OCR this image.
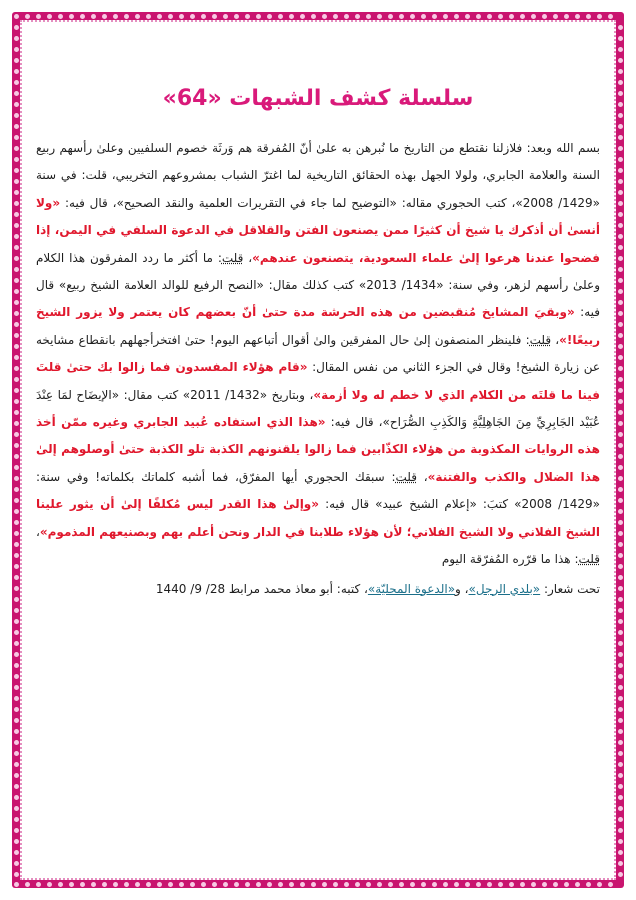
سلسلة كشف الشبهات «64»

بسم الله وبعد: فلازلنا نقتطع من التاريخ ما نُبرهن به علىٰ أنّ المُفرقة هم وَرثَة خصوم السلفيين وعلىٰ رأسهم ربيع السنة والعلامة الجابري، ولولا الجهل بهذه الحقائق التاريخية لما اغترّ الشباب بمشروعهم التخريبي، قلت: في سنة «1429/ 2008»، كتب الحجوري مقاله: «التوضيح لما جاء في التقريرات العلمية والنقد الصحيح»، قال فيه: «ولا أنسىٰ أن أذكرك يا شيخ أن كثيرًا ممن يصنعون الفتن والقلاقل في الدعوة السلفي في اليمن، إذا فضحوا عندنا هرعوا إلىٰ علماء السعودية، يتصنعون عندهم»، قلت: ما أكثر ما ردد المفرقون هذا الكلام وعلىٰ رأسهم لزهر، وفي سنة: «1434/ 2013» كتب كذلك مقال: «النصح الرفيع للوالد العلامة الشيخ ربيع» قال فيه: «وبقيَ المشايخ مُنقبضين من هذه الحرشة مدة حتىٰ أنّ بعضهم كان يعتمر ولا يزور الشيخ ربيعًا!»، قلت: فلينظر المنصفون إلىٰ حال المفرقين والىٰ أقوال أتباعهم اليوم! حتىٰ افتخرأجهلهم بانقطاع مشايخه عن زيارة الشيخ! وقال في الجزء الثاني من نفس المقال: «قام هؤلاء المفسدون فما زالوا بك حتىٰ قلتَ فينا ما قلتَه من الكلام الذي لا خطم له ولا أزمة»، وبتاريخ «1432/ 2011» كتب مقال: «الإيضَاح لمَا عِنْدَ عُبَيْد الجَابِرِيِّ مِنَ الجَاهِلِيَّةِ وَالكَذِبِ الصُّرَاح»، قال فيه: «هذا الذي استفاده عُبيد الجابري وغيره ممّن أخذ هذه الروايات المكذوبة من هؤلاء الكذّابين فما زالوا يلقنونهم الكذبة تلو الكذبة حتىٰ أوصلوهم إلىٰ هذا الضلال والكذب والفتنة»، قلت: سبقك الحجوري أيها المفرّق، فما أشبه كلماتك بكلماته! وفي سنة: «1429/ 2008» كتبَ: «إعلام الشيخ عبيد» قال فيه: «وإلىٰ هذا القدر ليس مُكلفًا إلىٰ أن يثور علينا الشيخ الفلاني ولا الشيخ الفلاني؛ لأن هؤلاء طلابنا في الدار ونحن أعلم بهم وبصنيعهم المذموم»، قلت: هذا ما قرّره المُفرّقة اليوم

تحت شعار: «بلدي الرجل»، و«الدعوة المحليّة»، كتبه: أبو معاذ محمد مرابط 28/ 9/ 1440
